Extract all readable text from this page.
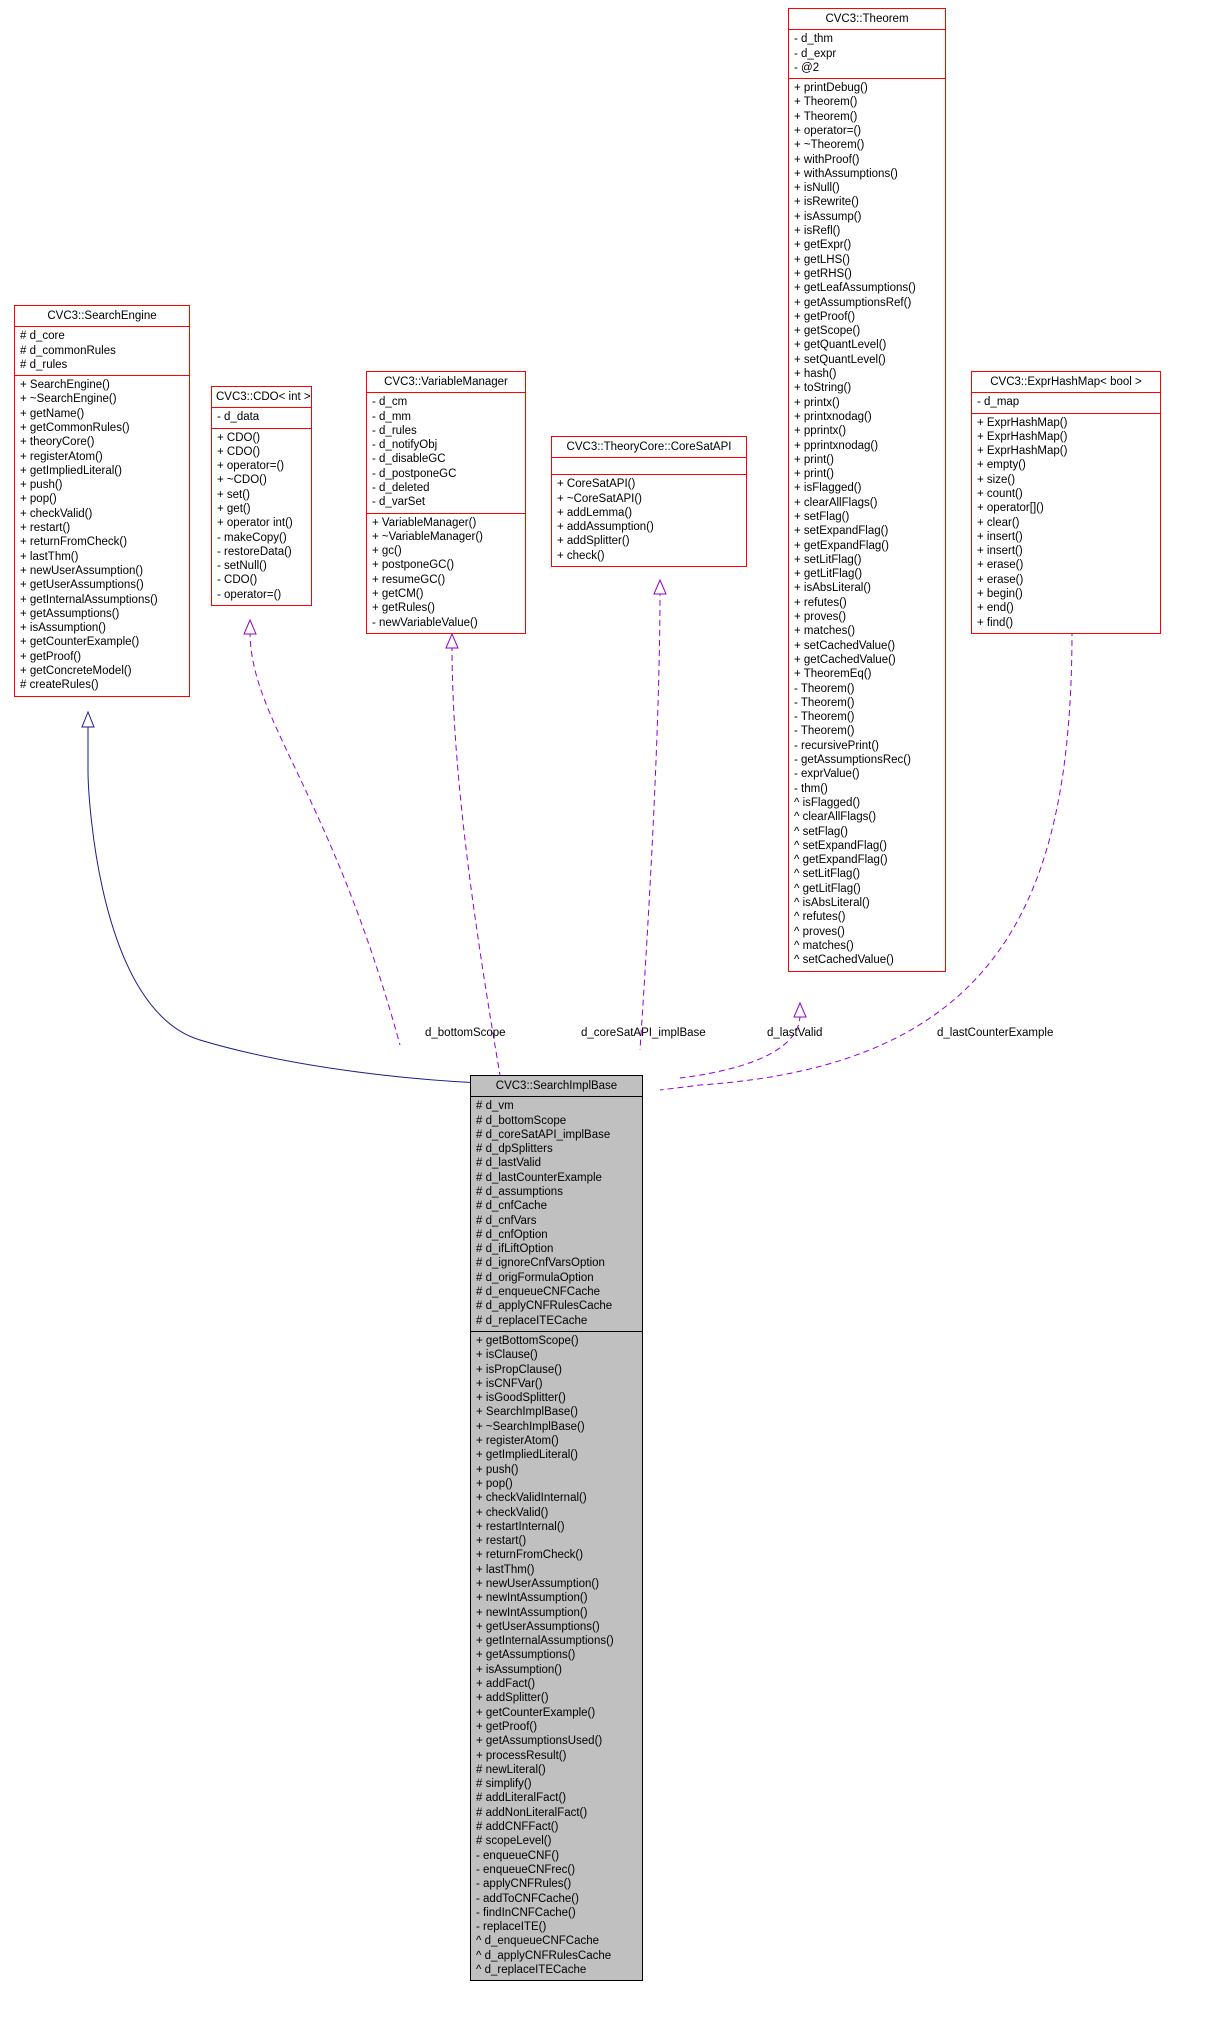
CVC3::Theorem
- d_thm
- d_expr
- @2
+ printDebug()
+ Theorem()
+ Theorem()
+ operator=()
+ ~Theorem()
+ withProof()
+ withAssumptions()
+ isNull()
+ isRewrite()
+ isAssump()
+ isRefl()
+ getExpr()
+ getLHS()
+ getRHS()
+ getLeafAssumptions()
+ getAssumptionsRef()
+ getProof()
+ getScope()
+ getQuantLevel()
+ setQuantLevel()
+ hash()
+ toString()
+ printx()
+ printxnodag()
+ pprintx()
+ pprintxnodag()
+ print()
+ print()
+ isFlagged()
+ clearAllFlags()
+ setFlag()
+ setExpandFlag()
+ getExpandFlag()
+ setLitFlag()
+ getLitFlag()
+ isAbsLiteral()
+ refutes()
+ proves()
+ matches()
+ setCachedValue()
+ getCachedValue()
+ TheoremEq()
- Theorem()
- Theorem()
- Theorem()
- Theorem()
- recursivePrint()
- getAssumptionsRec()
- exprValue()
- thm()
^ isFlagged()
^ clearAllFlags()
^ setFlag()
^ setExpandFlag()
^ getExpandFlag()
^ setLitFlag()
^ getLitFlag()
^ isAbsLiteral()
^ refutes()
^ proves()
^ matches()
^ setCachedValue()
CVC3::SearchEngine
# d_core
# d_commonRules
# d_rules
+ SearchEngine()
+ ~SearchEngine()
+ getName()
+ getCommonRules()
+ theoryCore()
+ registerAtom()
+ getImpliedLiteral()
+ push()
+ pop()
+ checkValid()
+ restart()
+ returnFromCheck()
+ lastThm()
+ newUserAssumption()
+ getUserAssumptions()
+ getInternalAssumptions()
+ getAssumptions()
+ isAssumption()
+ getCounterExample()
+ getProof()
+ getConcreteModel()
# createRules()
CVC3::CDO< int >
- d_data
+ CDO()
+ CDO()
+ operator=()
+ ~CDO()
+ set()
+ get()
+ operator int()
- makeCopy()
- restoreData()
- setNull()
- CDO()
- operator=()
CVC3::VariableManager
- d_cm
- d_mm
- d_rules
- d_notifyObj
- d_disableGC
- d_postponeGC
- d_deleted
- d_varSet
+ VariableManager()
+ ~VariableManager()
+ gc()
+ postponeGC()
+ resumeGC()
+ getCM()
+ getRules()
- newVariableValue()
CVC3::TheoryCore::CoreSatAPI
+ CoreSatAPI()
+ ~CoreSatAPI()
+ addLemma()
+ addAssumption()
+ addSplitter()
+ check()
CVC3::ExprHashMap< bool >
- d_map
+ ExprHashMap()
+ ExprHashMap()
+ ExprHashMap()
+ empty()
+ size()
+ count()
+ operator[]()
+ clear()
+ insert()
+ insert()
+ erase()
+ erase()
+ begin()
+ end()
+ find()
CVC3::SearchImplBase
# d_vm
# d_bottomScope
# d_coreSatAPI_implBase
# d_dpSplitters
# d_lastValid
# d_lastCounterExample
# d_assumptions
# d_cnfCache
# d_cnfVars
# d_cnfOption
# d_ifLiftOption
# d_ignoreCnfVarsOption
# d_origFormulaOption
# d_enqueueCNFCache
# d_applyCNFRulesCache
# d_replaceITECache
+ getBottomScope()
+ isClause()
+ isPropClause()
+ isCNFVar()
+ isGoodSplitter()
+ SearchImplBase()
+ ~SearchImplBase()
+ registerAtom()
+ getImpliedLiteral()
+ push()
+ pop()
+ checkValidInternal()
+ checkValid()
+ restartInternal()
+ restart()
+ returnFromCheck()
+ lastThm()
+ newUserAssumption()
+ newIntAssumption()
+ newIntAssumption()
+ getUserAssumptions()
+ getInternalAssumptions()
+ getAssumptions()
+ isAssumption()
+ addFact()
+ addSplitter()
+ getCounterExample()
+ getProof()
+ getAssumptionsUsed()
+ processResult()
# newLiteral()
# simplify()
# addLiteralFact()
# addNonLiteralFact()
# addCNFFact()
# scopeLevel()
- enqueueCNF()
- enqueueCNFrec()
- applyCNFRules()
- addToCNFCache()
- findInCNFCache()
- replaceITE()
^ d_enqueueCNFCache
^ d_applyCNFRulesCache
^ d_replaceITECache
d_bottomScope	d_coreSatAPI_implBase	d_lastValid	d_lastCounterExample
